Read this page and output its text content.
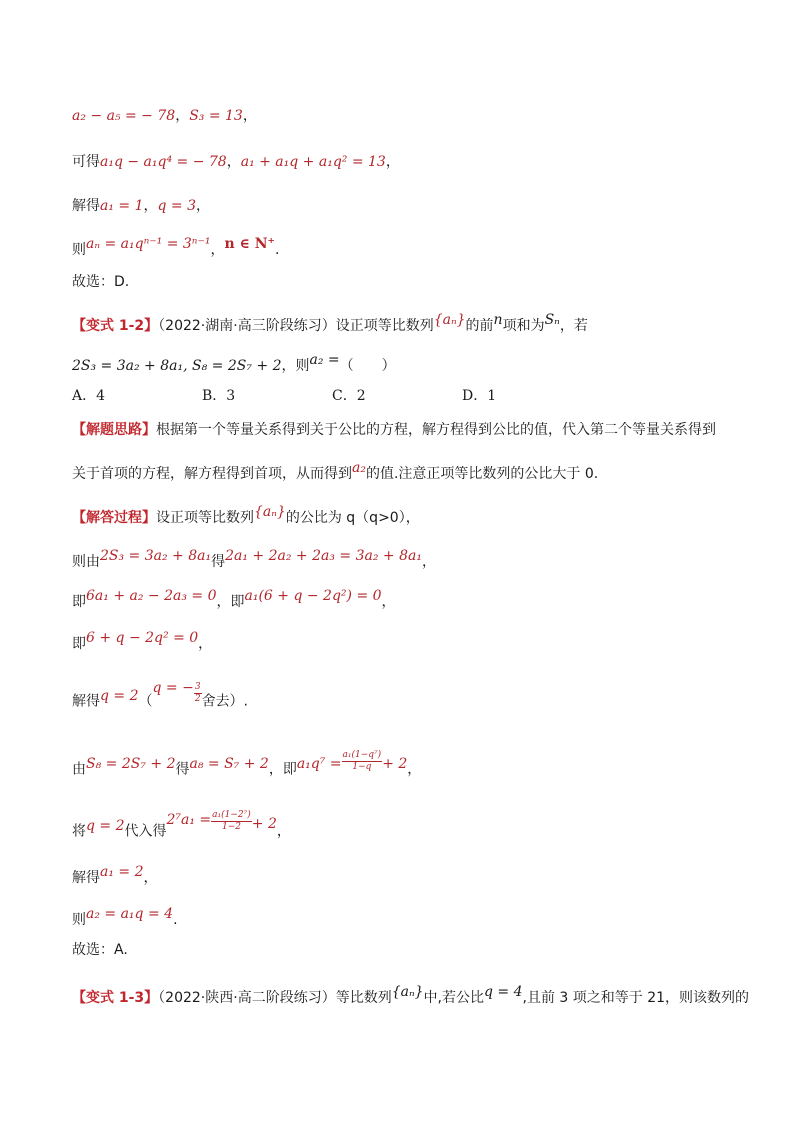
a₂ − a₅ = − 78，S₃ = 13，
可得a₁q − a₁q⁴ = − 78，a₁ + a₁q + a₁q² = 13，
解得a₁ = 1，q = 3，
则aₙ = a₁qⁿ⁻¹ = 3ⁿ⁻¹，n ∈ N⁺.
故选：D.
【变式 1-2】（2022·湖南·高三阶段练习）设正项等比数列{aₙ}的前n项和为Sₙ，若
2S₃ = 3a₂ + 8a₁, S₈ = 2S₇ + 2，则a₂ =（　　）
A．4	B．3	C．2	D．1
【解题思路】根据第一个等量关系得到关于公比的方程，解方程得到公比的值，代入第二个等量关系得到
关于首项的方程，解方程得到首项，从而得到a₂的值.注意正项等比数列的公比大于 0.
【解答过程】设正项等比数列{aₙ}的公比为 q（q>0），
则由2S₃ = 3a₂ + 8a₁得2a₁ + 2a₂ + 2a₃ = 3a₂ + 8a₁，
即6a₁ + a₂ − 2a₃ = 0，即a₁(6 + q − 2q²) = 0，
即6 + q − 2q² = 0，
解得q = 2（q = − $\frac{3}{2}$ 舍去）.
由S₈ = 2S₇ + 2得a₈ = S₇ + 2，即$a_1q^7 = \frac{\text{a₁(1−q⁷)}}{1-q} + 2$，
将q = 2代入得$2^7a_1 = \frac{\text{a₁(1−2⁷)}}{1-2} + 2$，
解得a₁ = 2，
则a₂ = a₁q = 4.
故选：A.
【变式 1-3】（2022·陕西·高二阶段练习）等比数列{aₙ}中,若公比q = 4,且前 3 项之和等于 21，则该数列的
